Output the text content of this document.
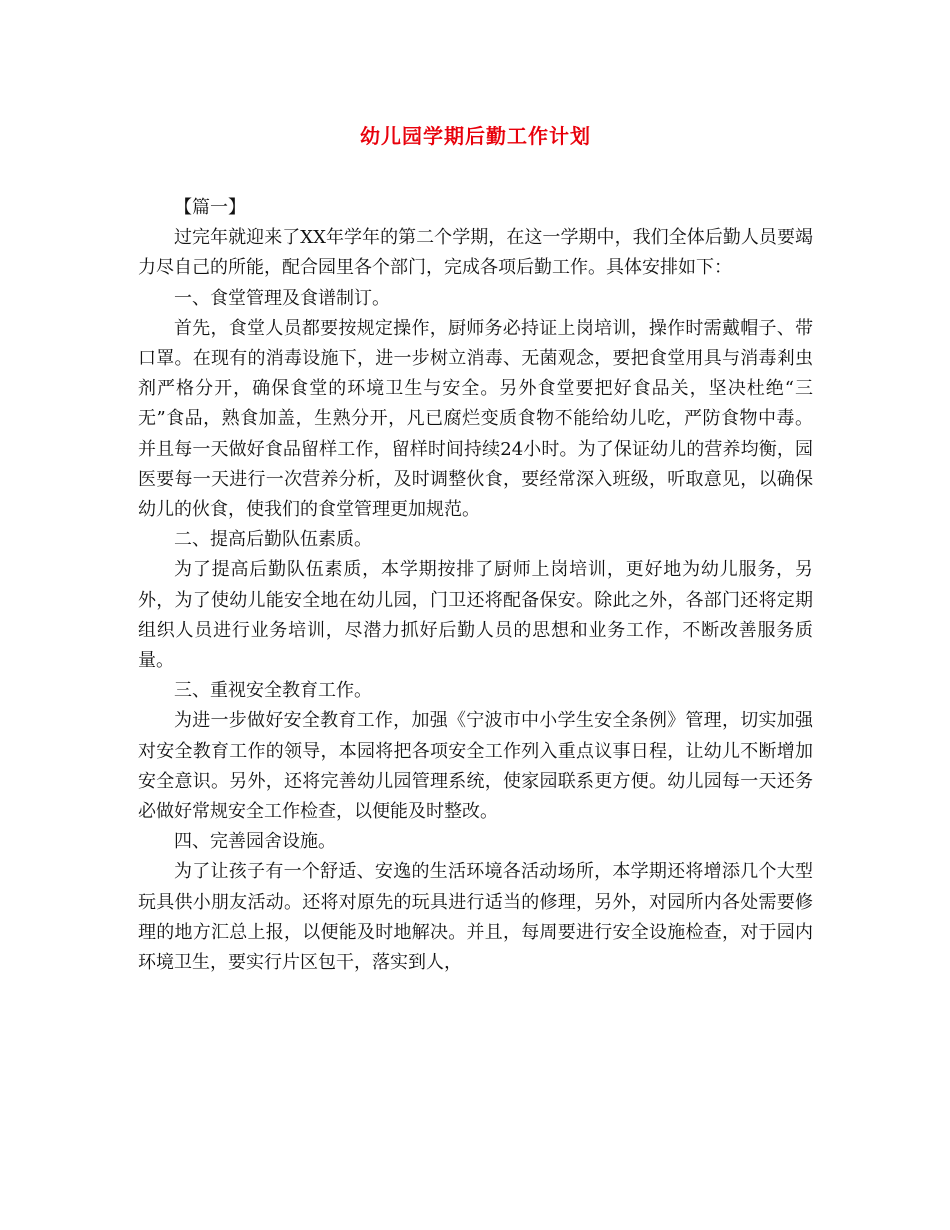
幼儿园学期后勤工作计划

【篇一】

过完年就迎来了XX年学年的第二个学期，在这一学期中，我们全体后勤人员要竭力尽自己的所能，配合园里各个部门，完成各项后勤工作。具体安排如下：

一、食堂管理及食谱制订。

首先，食堂人员都要按规定操作，厨师务必持证上岗培训，操作时需戴帽子、带口罩。在现有的消毒设施下，进一步树立消毒、无菌观念，要把食堂用具与消毒剎虫剂严格分开，确保食堂的环境卫生与安全。另外食堂要把好食品关，坚决杜绝“三无”食品，熟食加盖，生熟分开，凡已腐烂变质食物不能给幼儿吃，严防食物中毒。并且每一天做好食品留样工作，留样时间持续24小时。为了保证幼儿的营养均衡，园医要每一天进行一次营养分析，及时调整伙食，要经常深入班级，听取意见，以确保幼儿的伙食，使我们的食堂管理更加规范。

二、提高后勤队伍素质。

为了提高后勤队伍素质，本学期按排了厨师上岗培训，更好地为幼儿服务，另外，为了使幼儿能安全地在幼儿园，门卫还将配备保安。除此之外，各部门还将定期组织人员进行业务培训，尽潜力抓好后勤人员的思想和业务工作，不断改善服务质量。

三、重视安全教育工作。

为进一步做好安全教育工作，加强《宁波市中小学生安全条例》管理，切实加强对安全教育工作的领导，本园将把各项安全工作列入重点议事日程，让幼儿不断增加安全意识。另外，还将完善幼儿园管理系统，使家园联系更方便。幼儿园每一天还务必做好常规安全工作检查，以便能及时整改。

四、完善园舍设施。

为了让孩子有一个舒适、安逸的生活环境各活动场所，本学期还将增添几个大型玩具供小朋友活动。还将对原先的玩具进行适当的修理，另外，对园所内各处需要修理的地方汇总上报，以便能及时地解决。并且，每周要进行安全设施检查，对于园内环境卫生，要实行片区包干，落实到人，
